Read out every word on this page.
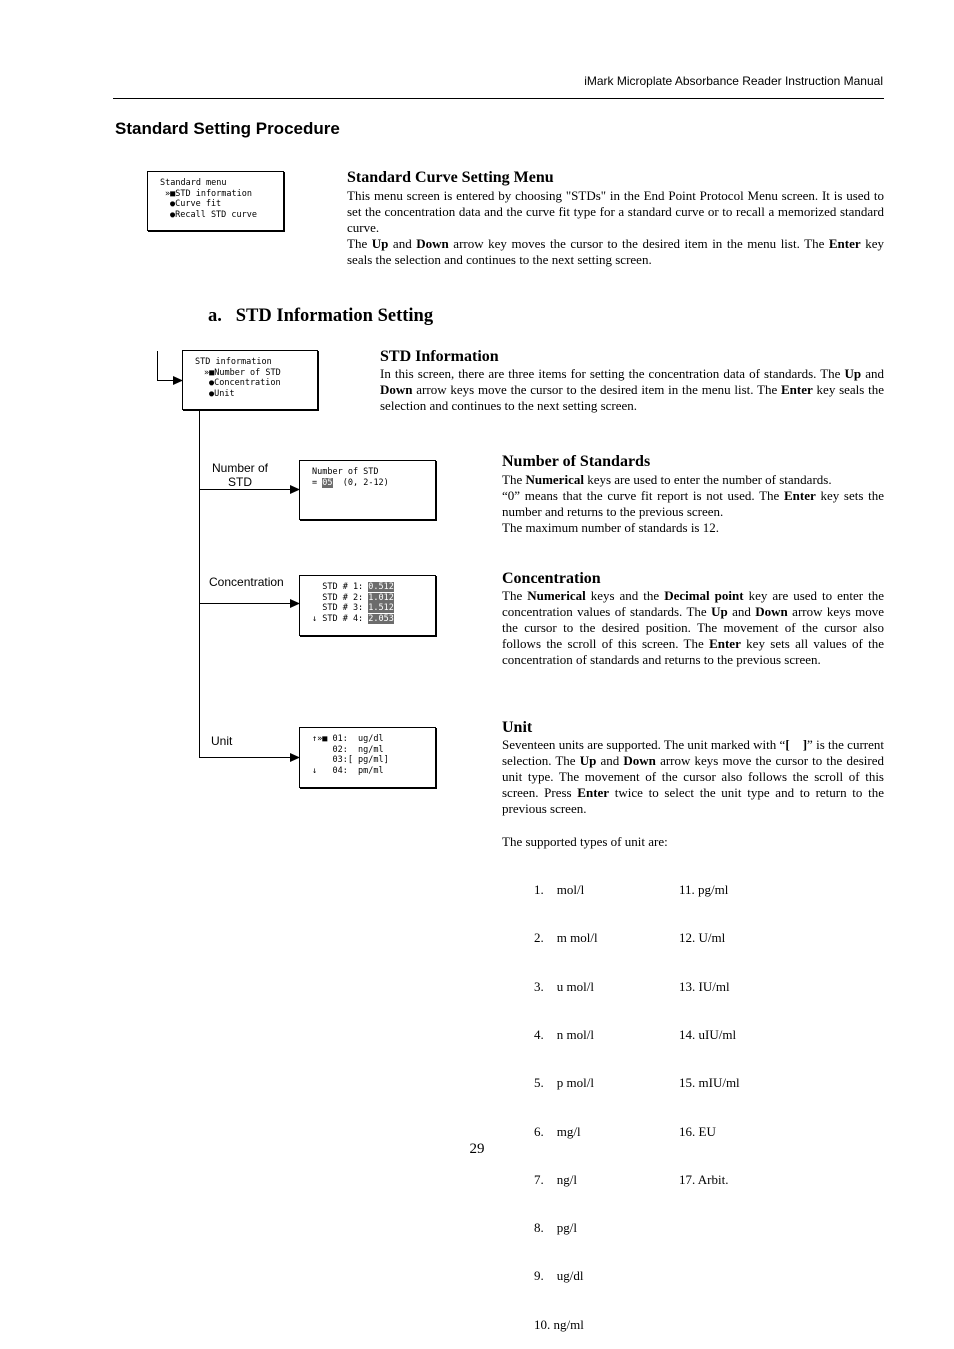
iMark Microplate Absorbance Reader Instruction Manual
Standard Setting Procedure
Standard menu
»■STD information
●Curve fit
●Recall STD curve
Standard Curve Setting Menu

This menu screen is entered by choosing "STDs" in the End Point Protocol Menu screen. It is used to set the concentration data and the curve fit type for a standard curve or to recall a memorized standard curve.

The Up and Down arrow key moves the cursor to the desired item in the menu list. The Enter key seals the selection and continues to the next setting screen.

a.   STD Information Setting
STD information
»■Number of STD
●Concentration
●Unit
STD Information

In this screen, there are three items for setting the concentration data of standards. The Up and Down arrow keys move the cursor to the desired item in the menu list. The Enter key seals the selection and continues to the next setting screen.

Number of
STD
Number of STD
= 05  (0, 2-12)
Number of Standards

The Numerical keys are used to enter the number of standards.

“0” means that the curve fit report is not used. The Enter key sets the number and returns to the previous screen.

The maximum number of standards is 12.

Concentration	STD # 1: 0.512
STD # 2: 1.012
STD # 3: 1.512
↓ STD # 4: 2.053
Concentration

The Numerical keys and the Decimal point key are used to enter the concentration values of standards. The Up and Down arrow keys move the cursor to the desired position. The movement of the cursor also follows the scroll of this screen. The Enter key sets all values of the concentration of standards and returns to the previous screen.

Unit	↑»■ 01:  ug/dl
02:  ng/ml
03:[ pg/ml]
↓   04:  pm/ml
Unit

Seventeen units are supported. The unit marked with “[    ]” is the current selection. The Up and Down arrow keys move the cursor to the desired unit type. The movement of the cursor also follows the scroll of this screen. Press Enter twice to select the unit type and to return to the previous screen.

The supported types of unit are:

1.    mol/l

2.    m mol/l

3.    u mol/l

4.    n mol/l

5.    p mol/l

6.    mg/l

7.    ng/l

8.    pg/l

9.    ug/dl

10. ng/ml

11. pg/ml

12. U/ml

13. IU/ml

14. uIU/ml

15. mIU/ml

16. EU

17. Arbit.

29
